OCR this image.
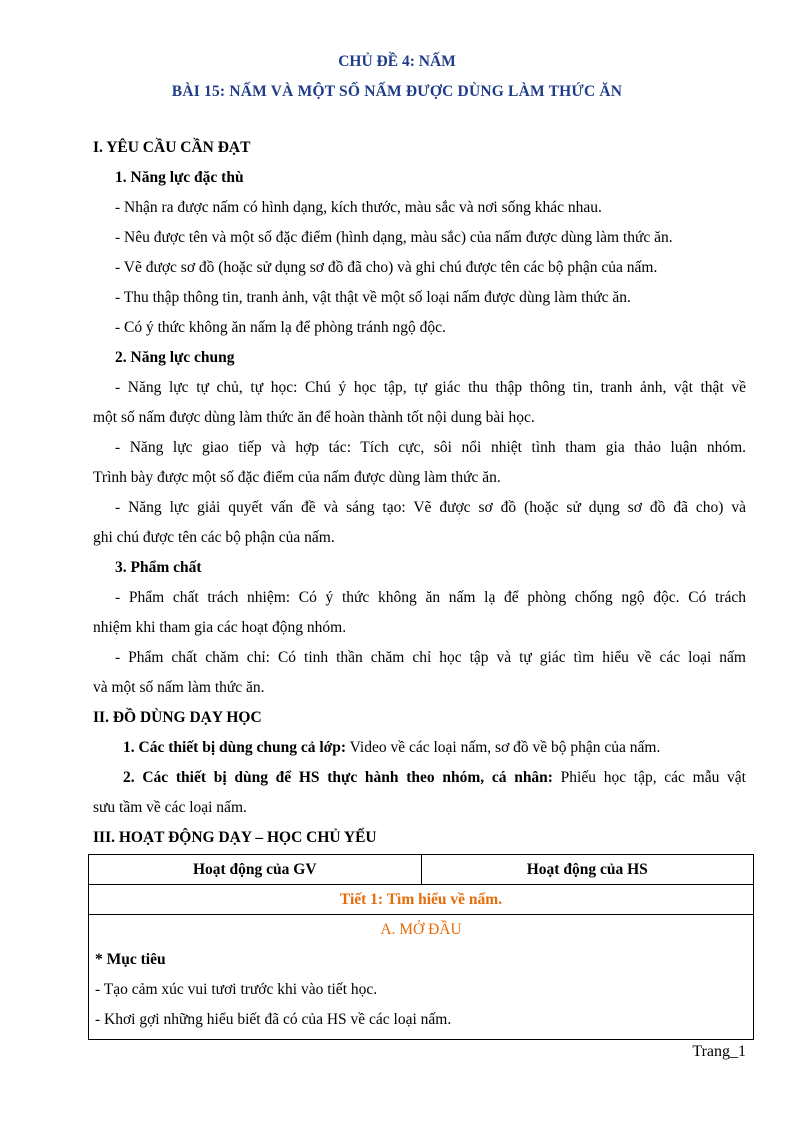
CHỦ ĐỀ 4: NẤM
BÀI 15: NẤM VÀ MỘT SỐ NẤM ĐƯỢC DÙNG LÀM THỨC ĂN

I. YÊU CẦU CẦN ĐẠT

1. Năng lực đặc thù

- Nhận ra được nấm có hình dạng, kích thước, màu sắc và nơi sống khác nhau.

- Nêu được tên và một số đặc điểm (hình dạng, màu sắc) của nấm được dùng làm thức ăn.

- Vẽ được sơ đồ (hoặc sử dụng sơ đồ đã cho) và ghi chú được tên các bộ phận của nấm.

- Thu thập thông tin, tranh ảnh, vật thật về một số loại nấm được dùng làm thức ăn.

- Có ý thức không ăn nấm lạ để phòng tránh ngộ độc.

2. Năng lực chung

- Năng lực tự chủ, tự học: Chú ý học tập, tự giác thu thập thông tin, tranh ảnh, vật thật về

một số nấm được dùng làm thức ăn để hoàn thành tốt nội dung bài học.

- Năng lực giao tiếp và hợp tác: Tích cực, sôi nổi nhiệt tình tham gia thảo luận nhóm.

Trình bày được một số đặc điểm của nấm được dùng làm thức ăn.

- Năng lực giải quyết vấn đề và sáng tạo: Vẽ được sơ đồ (hoặc sử dụng sơ đồ đã cho) và

ghi chú được tên các bộ phận của nấm.

3. Phẩm chất

- Phẩm chất trách nhiệm: Có ý thức không ăn nấm lạ để phòng chống ngộ độc. Có trách

nhiệm khi tham gia các hoạt động nhóm.

- Phẩm chất chăm chỉ: Có tinh thần chăm chỉ học tập và tự giác tìm hiểu về các loại nấm

và một số nấm làm thức ăn.

II. ĐỒ DÙNG DẠY HỌC

1. Các thiết bị dùng chung cả lớp: Video về các loại nấm, sơ đồ về bộ phận của nấm.

2. Các thiết bị dùng để HS thực hành theo nhóm, cá nhân: Phiếu học tập, các mẫu vật

sưu tầm về các loại nấm.

III. HOẠT ĐỘNG DẠY – HỌC CHỦ YẾU

Hoạt động của GV	Hoạt động của HS
Tiết 1: Tìm hiểu về nấm.

A. MỞ ĐẦU
* Mục tiêu
- Tạo cảm xúc vui tươi trước khi vào tiết học.
- Khơi gợi những hiểu biết đã có của HS về các loại nấm.
Trang_1
